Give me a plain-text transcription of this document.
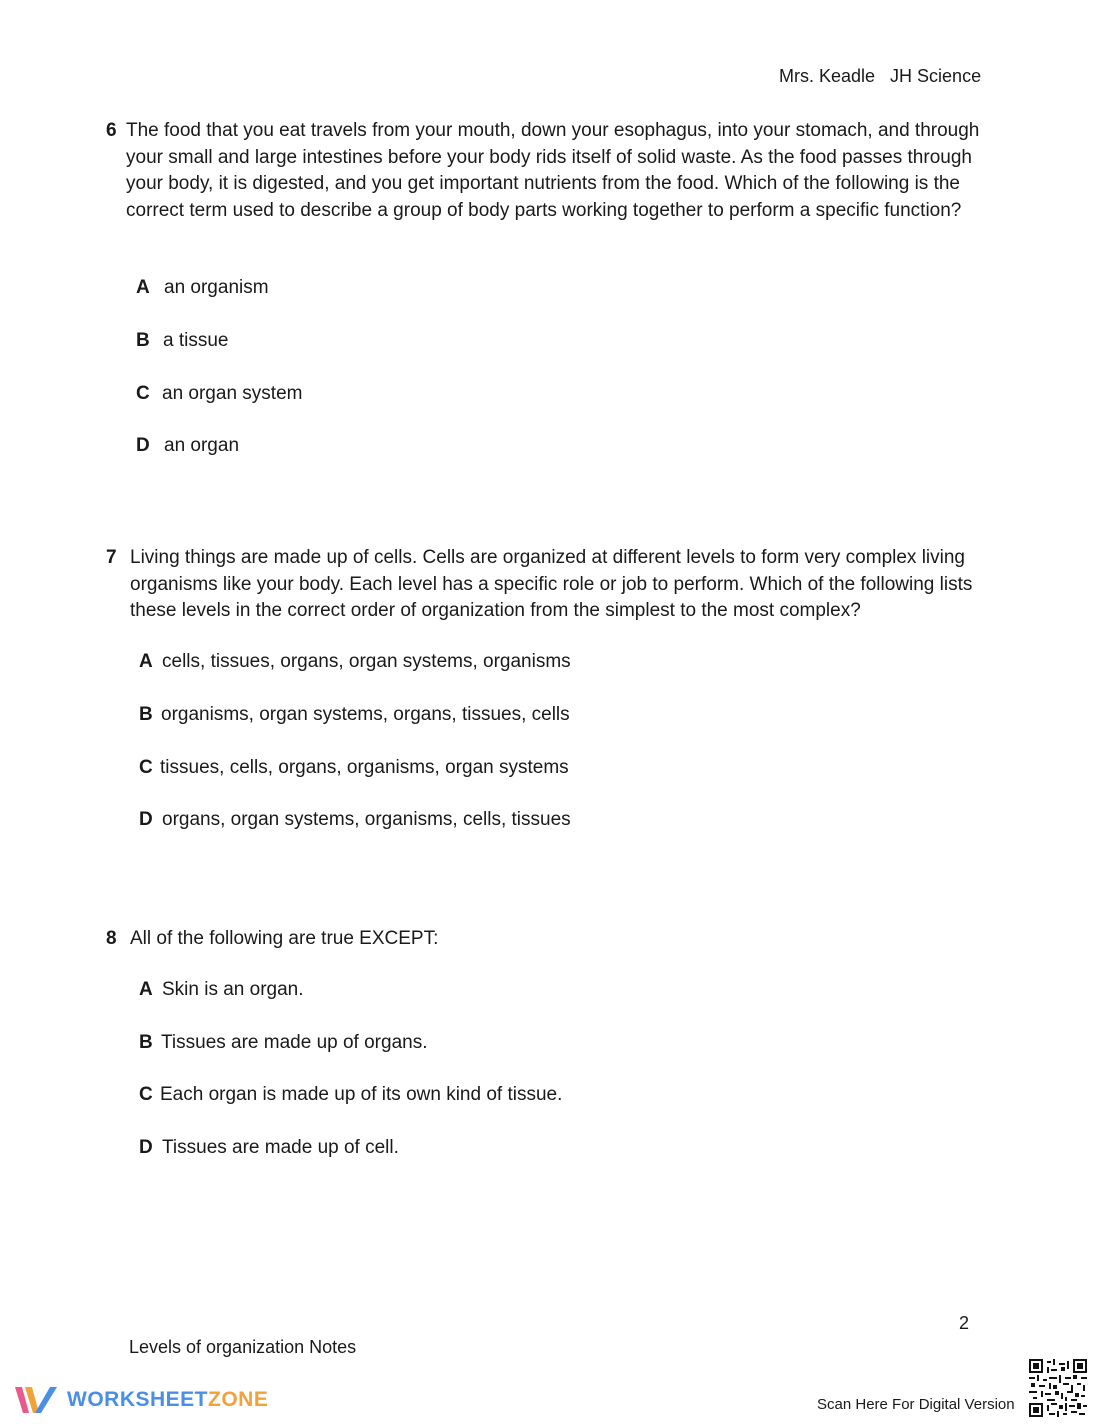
Mrs. Keadle   JH Science
6 The food that you eat travels from your mouth, down your esophagus, into your stomach, and through your small and large intestines before your body rids itself of solid waste. As the food passes through your body, it is digested, and you get important nutrients from the food. Which of the following is the correct term used to describe a group of body parts working together to perform a specific function?
A an organism
B a tissue
C an organ system
D an organ
7 Living things are made up of cells. Cells are organized at different levels to form very complex living organisms like your body. Each level has a specific role or job to perform. Which of the following lists these levels in the correct order of organization from the simplest to the most complex?
A cells, tissues, organs, organ systems, organisms
B organisms, organ systems, organs, tissues, cells
C tissues, cells, organs, organisms, organ systems
D organs, organ systems, organisms, cells, tissues
8 All of the following are true EXCEPT:
A Skin is an organ.
B Tissues are made up of organs.
C Each organ is made up of its own kind of tissue.
D Tissues are made up of cell.
2
Levels of organization Notes
WORKSHEETZONE	Scan Here For Digital Version
